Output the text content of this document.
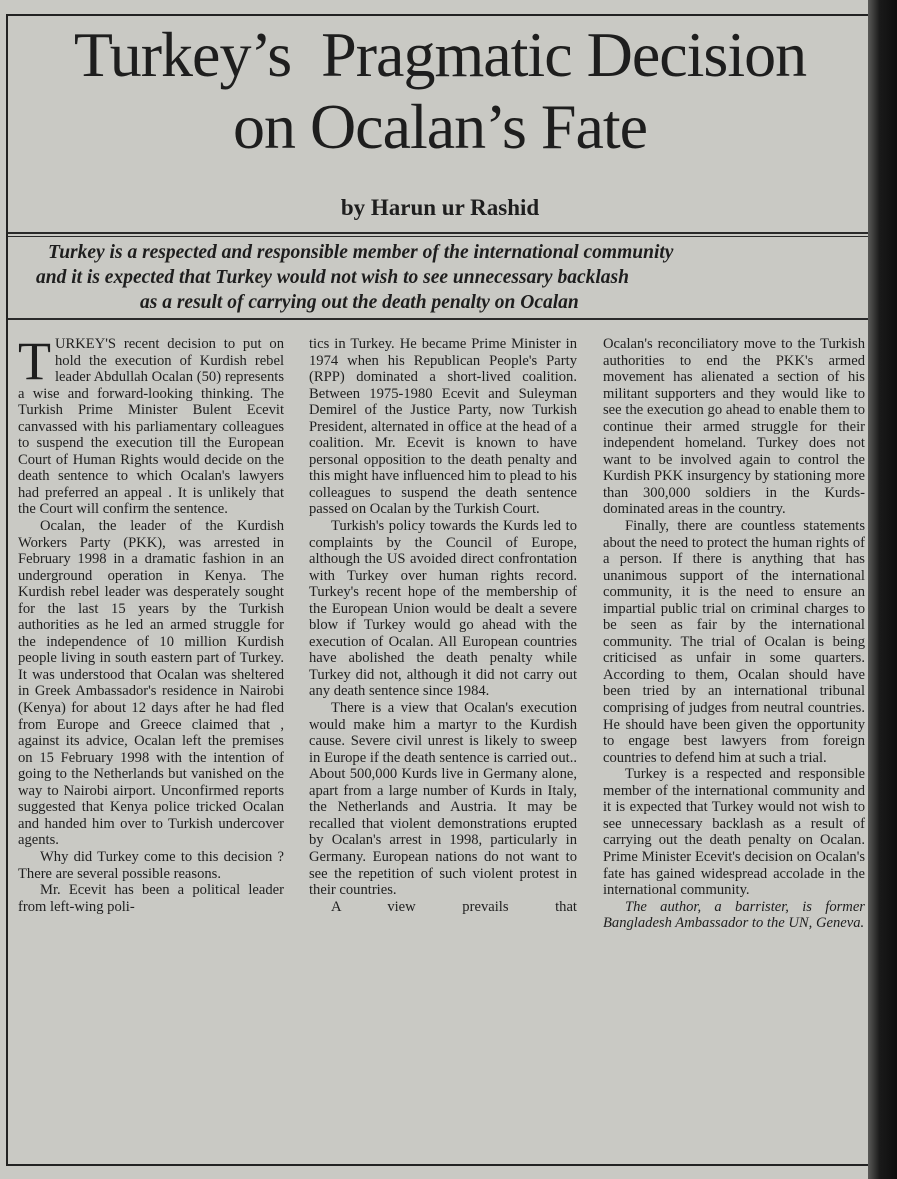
Turkey’s  Pragmatic Decision
on Ocalan’s Fate
by Harun ur Rashid
Turkey is a respected and responsible member of the international community
and it is expected that Turkey would not wish to see unnecessary backlash
as a result of carrying out the death penalty on Ocalan

TURKEY'S recent decision to put on hold the execution of Kurdish rebel leader Abdullah Ocalan (50) represents a wise and forward-looking thinking. The Turkish Prime Minister Bulent Ecevit canvassed with his parliamentary colleagues to suspend the execution till the European Court of Human Rights would decide on the death sentence to which Ocalan's lawyers had preferred an appeal . It is unlikely that the Court will confirm the sentence.

Ocalan, the leader of the Kurdish Workers Party (PKK), was arrested in February 1998 in a dramatic fashion in an underground operation in Kenya. The Kurdish rebel leader was desperately sought for the last 15 years by the Turkish authorities as he led an armed struggle for the independence of 10 million Kurdish people living in south eastern part of Turkey. It was understood that Ocalan was sheltered in Greek Ambassador's residence in Nairobi (Kenya) for about 12 days after he had fled from Europe and Greece claimed that , against its advice, Ocalan left the premises on 15 February 1998 with the intention of going to the Netherlands but vanished on the way to Nairobi airport. Unconfirmed reports suggested that Kenya police tricked Ocalan and handed him over to Turkish undercover agents.

Why did Turkey come to this decision ? There are several possible reasons.

Mr. Ecevit has been a political leader from left-wing poli-

tics in Turkey. He became Prime Minister in 1974 when his Republican People's Party (RPP) dominated a short-lived coalition. Between 1975-1980 Ecevit and Suleyman Demirel of the Justice Party, now Turkish President, alternated in office at the head of a coalition. Mr. Ecevit is known to have personal opposition to the death penalty and this might have influenced him to plead to his colleagues to suspend the death sentence passed on Ocalan by the Turkish Court.

Turkish's policy towards the Kurds led to complaints by the Council of Europe, although the US avoided direct confrontation with Turkey over human rights record. Turkey's recent hope of the membership of the European Union would be dealt a severe blow if Turkey would go ahead with the execution of Ocalan. All European countries have abolished the death penalty while Turkey did not, although it did not carry out any death sentence since 1984.

There is a view that Ocalan's execution would make him a martyr to the Kurdish cause. Severe civil unrest is likely to sweep in Europe if the death sentence is carried out.. About 500,000 Kurds live in Germany alone, apart from a large number of Kurds in Italy, the Netherlands and Austria. It may be recalled that violent demonstrations erupted by Ocalan's arrest in 1998, particularly in Germany. European nations do not want to see the repetition of such violent protest in their countries.

A view prevails that

Ocalan's reconciliatory move to the Turkish authorities to end the PKK's armed movement has alienated a section of his militant supporters and they would like to see the execution go ahead to enable them to continue their armed struggle for their independent homeland. Turkey does not want to be involved again to control the Kurdish PKK insurgency by stationing more than 300,000 soldiers in the Kurds-dominated areas in the country.

Finally, there are countless statements about the need to protect the human rights of a person. If there is anything that has unanimous support of the international community, it is the need to ensure an impartial public trial on criminal charges to be seen as fair by the international community. The trial of Ocalan is being criticised as unfair in some quarters. According to them, Ocalan should have been tried by an international tribunal comprising of judges from neutral countries. He should have been given the opportunity to engage best lawyers from foreign countries to defend him at such a trial.

Turkey is a respected and responsible member of the international community and it is expected that Turkey would not wish to see unnecessary backlash as a result of carrying out the death penalty on Ocalan. Prime Minister Ecevit's decision on Ocalan's fate has gained widespread accolade in the international community.

The author, a barrister, is former Bangladesh Ambassador to the UN, Geneva.
